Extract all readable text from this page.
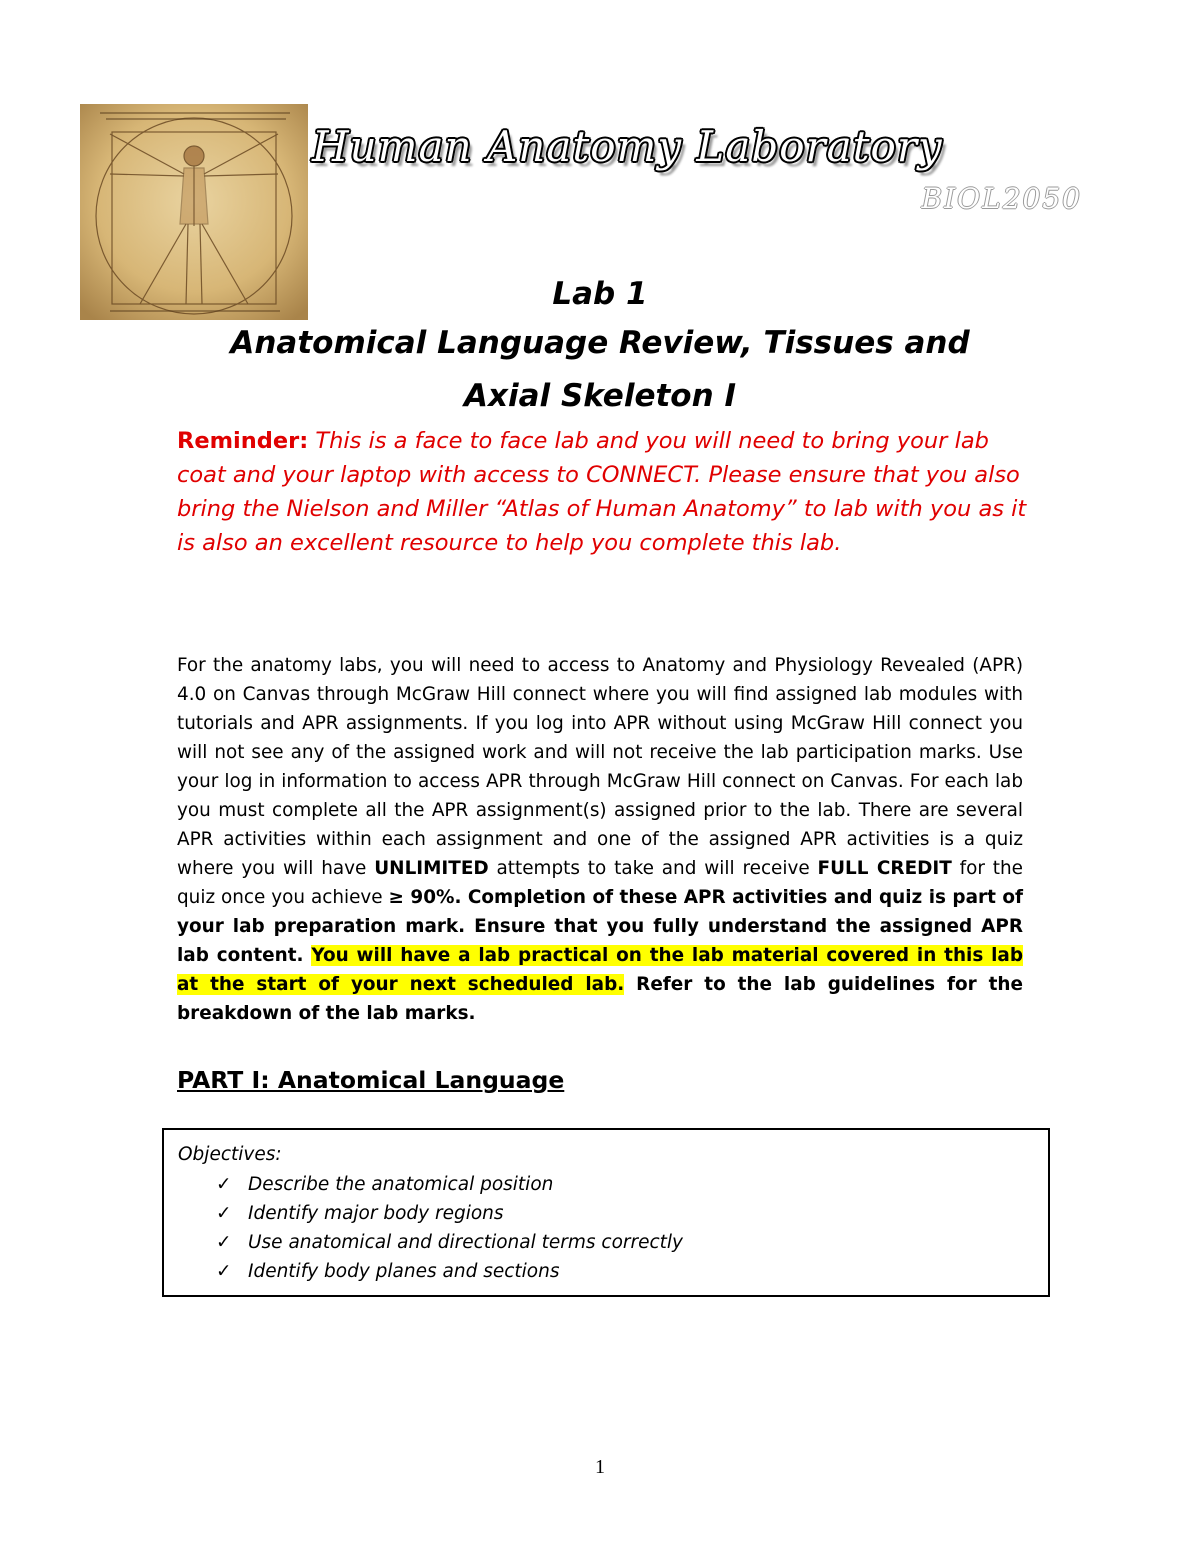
Human Anatomy Laboratory
BIOL2050
Lab 1
Anatomical Language Review, Tissues and
Axial Skeleton I
Reminder: This is a face to face lab and you will need to bring your lab coat and your laptop with access to CONNECT. Please ensure that you also bring the Nielson and Miller “Atlas of Human Anatomy” to lab with you as it is also an excellent resource to help you complete this lab.
For the anatomy labs, you will need to access to Anatomy and Physiology Revealed (APR) 4.0 on Canvas through McGraw Hill connect where you will find assigned lab modules with tutorials and APR assignments. If you log into APR without using McGraw Hill connect you will not see any of the assigned work and will not receive the lab participation marks. Use your log in information to access APR through McGraw Hill connect on Canvas. For each lab you must complete all the APR assignment(s) assigned prior to the lab. There are several APR activities within each assignment and one of the assigned APR activities is a quiz where you will have UNLIMITED attempts to take and will receive FULL CREDIT for the quiz once you achieve ≥ 90%. Completion of these APR activities and quiz is part of your lab preparation mark. Ensure that you fully understand the assigned APR lab content. You will have a lab practical on the lab material covered in this lab at the start of your next scheduled lab. Refer to the lab guidelines for the breakdown of the lab marks.
PART I: Anatomical Language
Objectives:
✓ Describe the anatomical position
✓ Identify major body regions
✓ Use anatomical and directional terms correctly
✓ Identify body planes and sections
1
